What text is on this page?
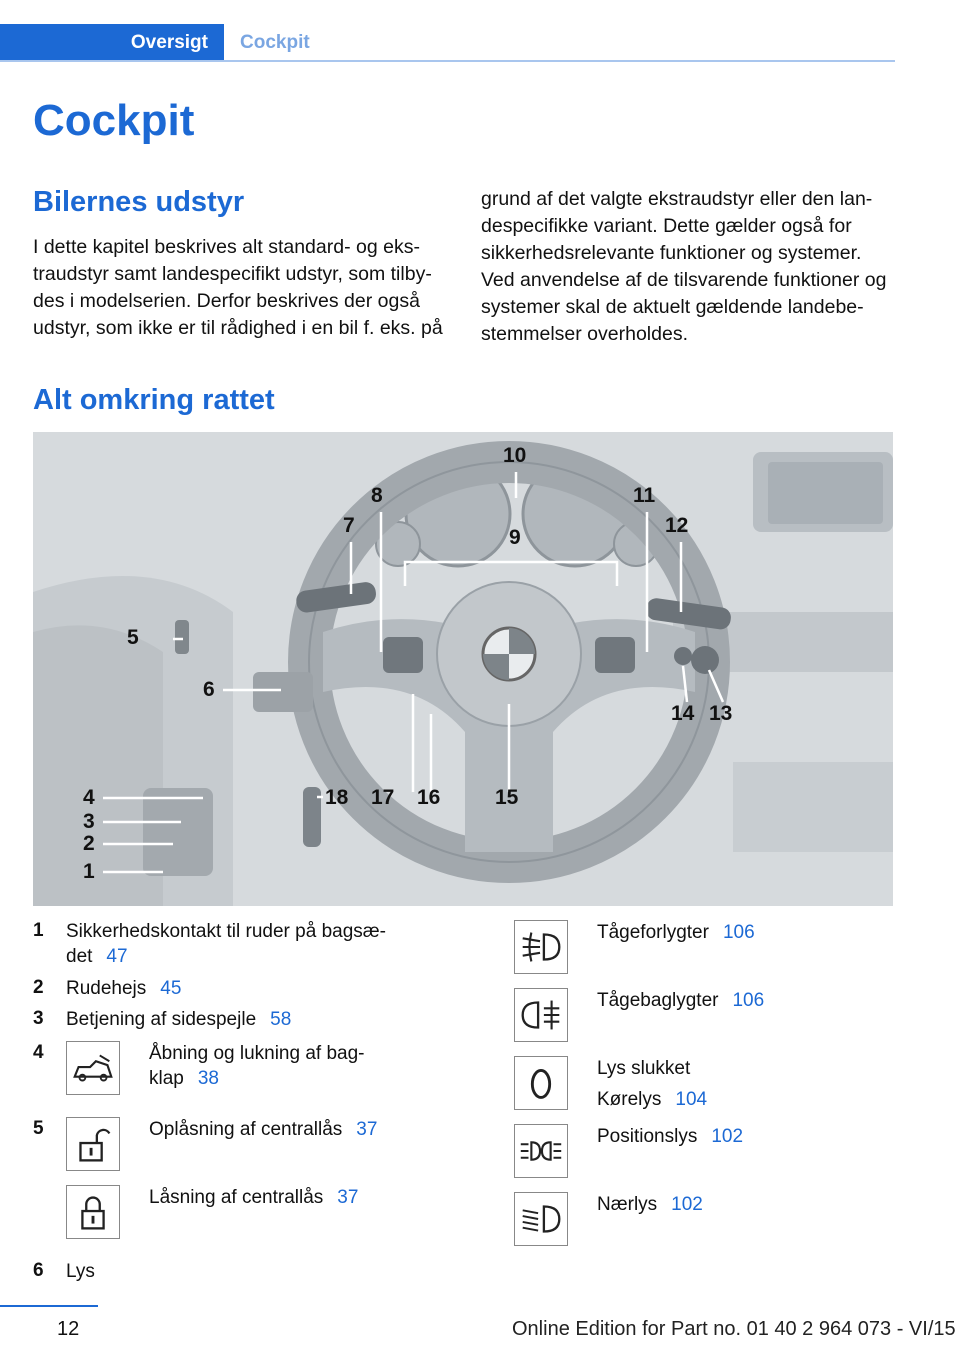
Oversigt	Cockpit
Cockpit
Bilernes udstyr
I dette kapitel beskrives alt standard- og eks‐
traudstyr samt landespecifikt udstyr, som tilby‐
des i modelserien. Derfor beskrives der også
udstyr, som ikke er til rådighed i en bil f. eks. på
grund af det valgte ekstraudstyr eller den lan‐
despecifikke variant. Dette gælder også for
sikkerhedsrelevante funktioner og systemer.
Ved anvendelse af de tilsvarende funktioner og
systemer skal de aktuelt gældende landebe‐
stemmelser overholdes.
Alt omkring rattet
4
3
2
1
5
6
7
8
9
10
11
12
13
14
15
16
17
18
1 Sikkerhedskontakt til ruder på bagsæ‐
det 47
2 Rudehejs 45
3 Betjening af sidespejle 58
4	Åbning og lukning af bag‐
klap 38
5	Oplåsning af centrallås 37
Låsning af centrallås 37
6 Lys
Tågeforlygter 106
Tågebaglygter 106
Lys slukket
Kørelys 104
Positionslys 102
Nærlys 102
12	Online Edition for Part no. 01 40 2 964 073 - VI/15
